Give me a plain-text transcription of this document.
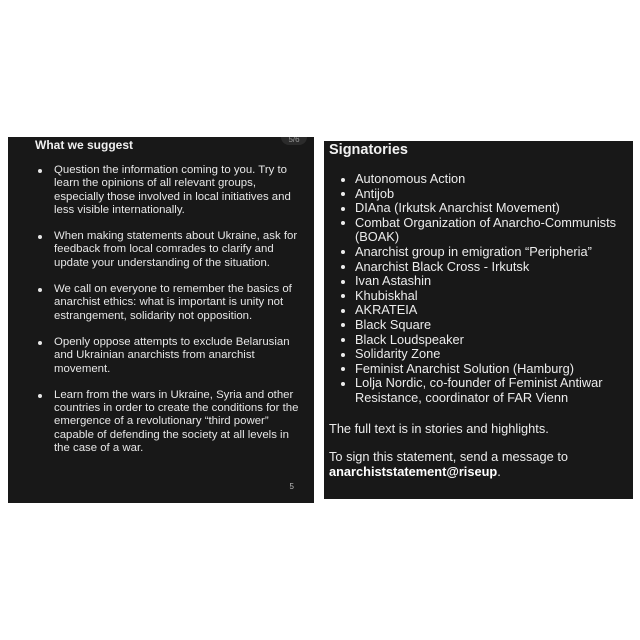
5/6
What we suggest
Question the information coming to you. Try to learn the opinions of all relevant groups, especially those involved in local initiatives and less visible internationally.
When making statements about Ukraine, ask for feedback from local comrades to clarify and update your understanding of the situation.
We call on everyone to remember the basics of anarchist ethics: what is important is unity not estrangement, solidarity not opposition.
Openly oppose attempts to exclude Belarusian and Ukrainian anarchists from anarchist movement.
Learn from the wars in Ukraine, Syria and other countries in order to create the conditions for the emergence of a revolutionary “third power” capable of defending the society at all levels in the case of a war.
5
Signatories
Autonomous Action
Antijob
DIAna (Irkutsk Anarchist Movement)
Combat Organization of Anarcho-Communists (BOAK)
Anarchist group in emigration “Peripheria”
Anarchist Black Cross - Irkutsk
Ivan Astashin
Khubiskhal
AKRATEIA
Black Square
Black Loudspeaker
Solidarity Zone
Feminist Anarchist Solution (Hamburg)
Lolja Nordic, co-founder of Feminist Antiwar Resistance, coordinator of FAR Vienn

The full text is in stories and highlights.

To sign this statement, send a message to anarchiststatement@riseup.
